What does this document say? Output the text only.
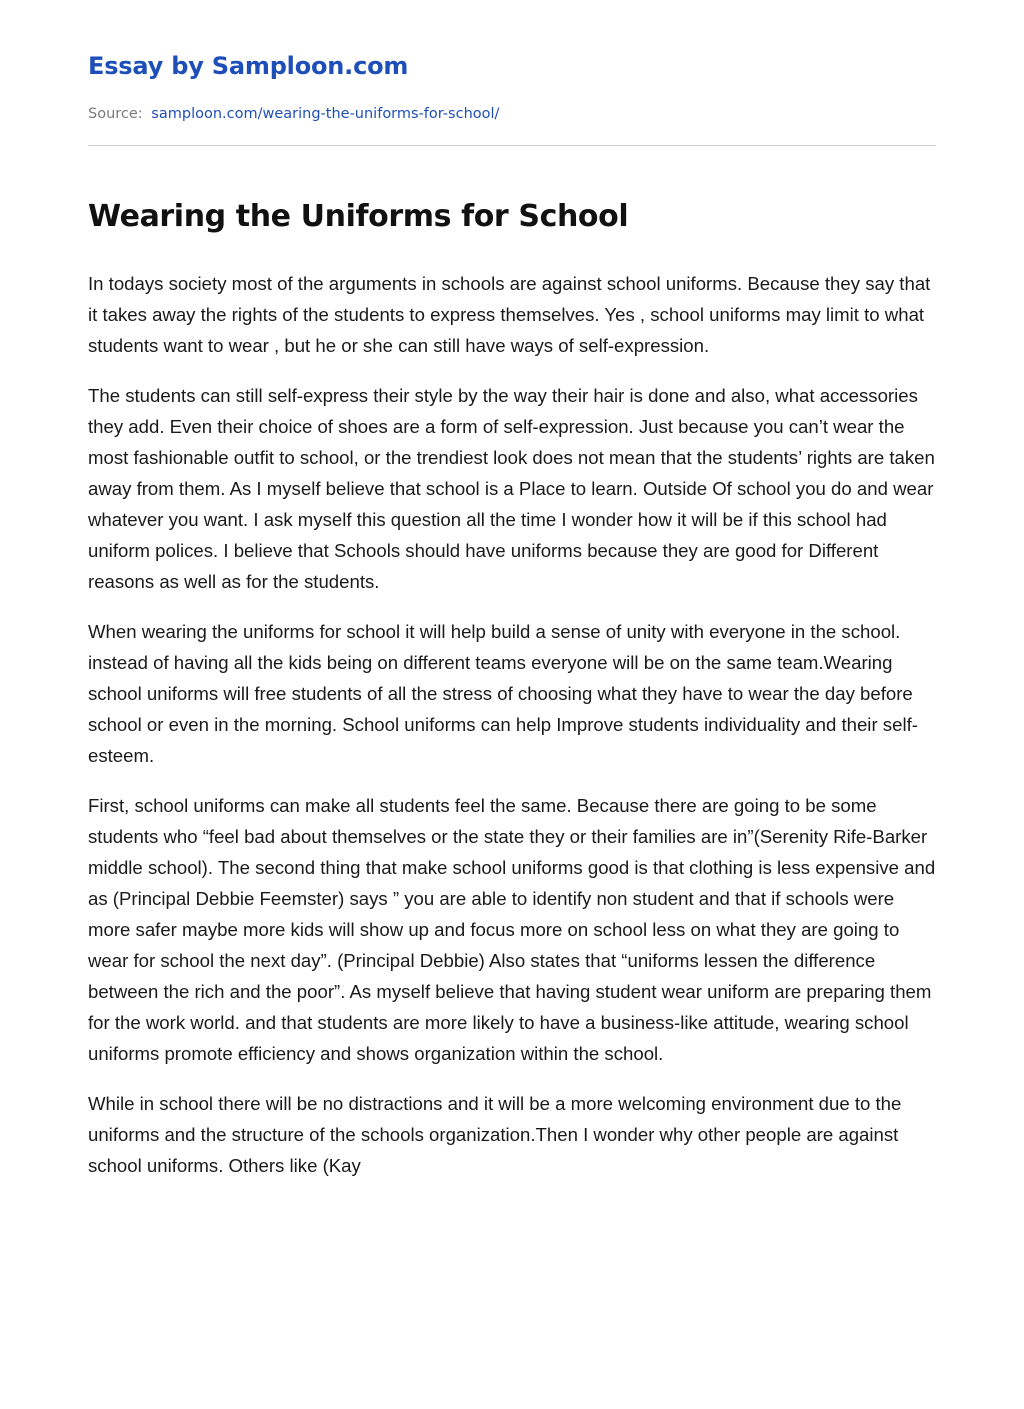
Essay by Samploon.com
Source: samploon.com/wearing-the-uniforms-for-school/
Wearing the Uniforms for School

In todays society most of the arguments in schools are against school uniforms. Because they say that it takes away the rights of the students to express themselves. Yes , school uniforms may limit to what students want to wear , but he or she can still have ways of self-expression.

The students can still self-express their style by the way their hair is done and also, what accessories they add. Even their choice of shoes are a form of self-expression. Just because you can’t wear the most fashionable outfit to school, or the trendiest look does not mean that the students’ rights are taken away from them. As I myself believe that school is a Place to learn. Outside Of school you do and wear whatever you want. I ask myself this question all the time I wonder how it will be if this school had uniform polices. I believe that Schools should have uniforms because they are good for Different reasons as well as for the students.

When wearing the uniforms for school it will help build a sense of unity with everyone in the school. instead of having all the kids being on different teams everyone will be on the same team.Wearing school uniforms will free students of all the stress of choosing what they have to wear the day before school or even in the morning. School uniforms can help Improve students individuality and their self-esteem.

First, school uniforms can make all students feel the same. Because there are going to be some students who “feel bad about themselves or the state they or their families are in”(Serenity Rife-Barker middle school). The second thing that make school uniforms good is that clothing is less expensive and as (Principal Debbie Feemster) says ” you are able to identify non student and that if schools were more safer maybe more kids will show up and focus more on school less on what they are going to wear for school the next day”. (Principal Debbie) Also states that “uniforms lessen the difference between the rich and the poor”. As myself believe that having student wear uniform are preparing them for the work world. and that students are more likely to have a business-like attitude, wearing school uniforms promote efficiency and shows organization within the school.

While in school there will be no distractions and it will be a more welcoming environment due to the uniforms and the structure of the schools organization.Then I wonder why other people are against school uniforms. Others like (Kay
